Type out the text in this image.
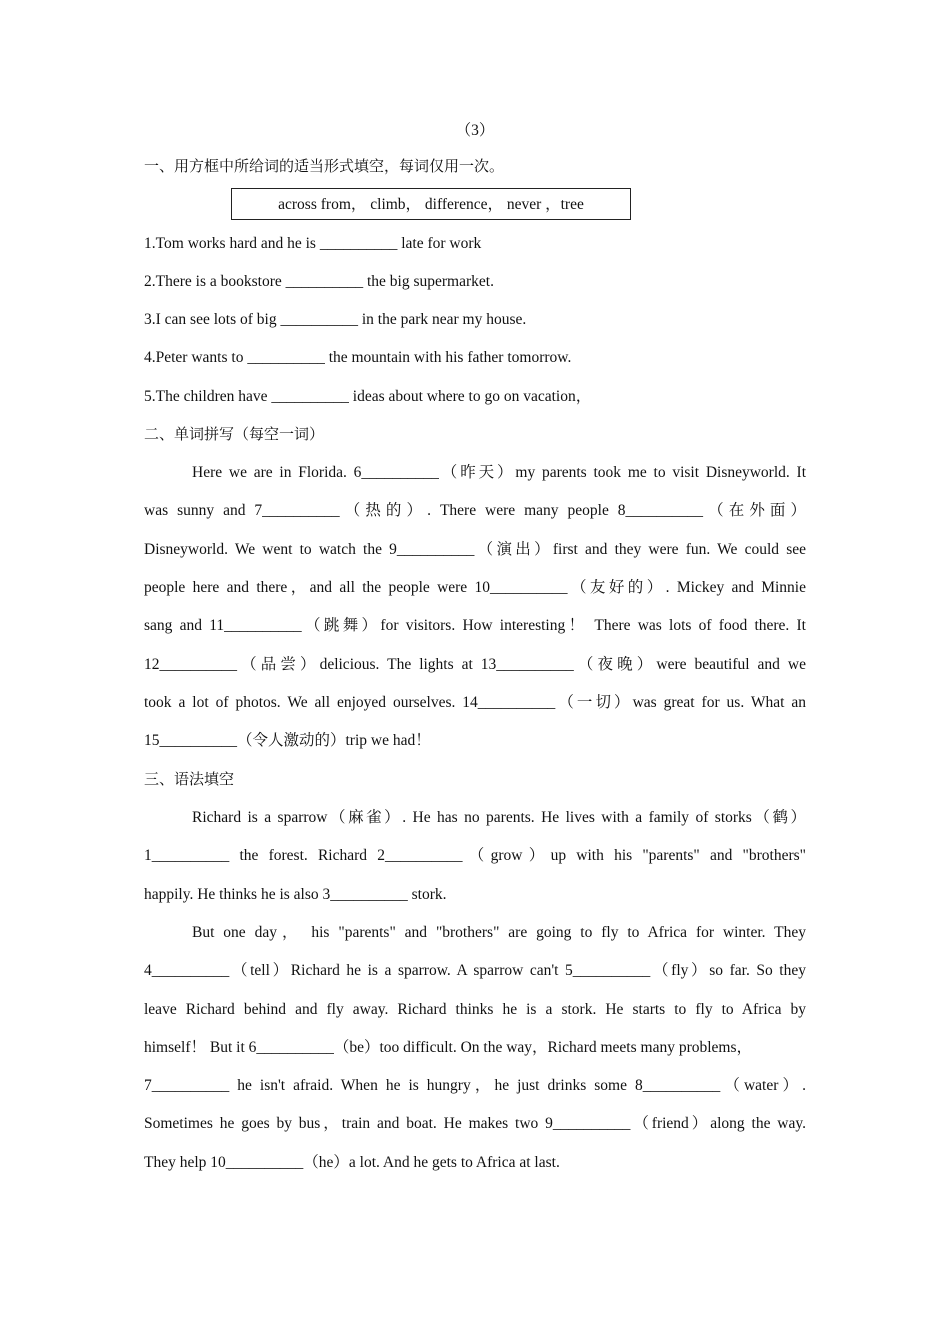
（3）
一、用方框中所给词的适当形式填空，每词仅用一次。
across from， climb， difference， never ，tree
1.Tom works hard and he is __________ late for work
2.There is a bookstore __________ the big supermarket.
3.I can see lots of big __________ in the park near my house.
4.Peter wants to __________ the mountain with his father tomorrow.
5.The children have __________ ideas about where to go on vacation，
二、单词拼写（每空一词）
Here we are in Florida. 6__________（昨天）my parents took me to visit Disneyworld. It
was sunny and 7__________（热的）. There were many people 8__________（在外面）
Disneyworld. We went to watch the 9__________（演出）first and they were fun. We could see
people here and there，and all the people were 10__________（友好的）. Mickey and Minnie
sang and 11__________（跳舞）for visitors. How interesting！ There was lots of food there. It
12__________（品尝）delicious. The lights at 13__________（夜晚）were beautiful and we
took a lot of photos. We all enjoyed ourselves. 14__________（一切）was great for us. What an
15__________（令人激动的）trip we had！
三、语法填空
Richard is a sparrow（麻雀）. He has no parents. He lives with a family of storks（鹤）
1__________ the forest. Richard 2__________（grow）up with his "parents" and "brothers"
happily. He thinks he is also 3__________ stork.
But one day， his "parents" and "brothers" are going to fly to Africa for winter. They
4__________（tell）Richard he is a sparrow. A sparrow can't 5__________（fly）so far. So they
leave Richard behind and fly away. Richard thinks he is a stork. He starts to fly to Africa by
himself！ But it 6__________（be）too difficult. On the way，Richard meets many problems，
7__________ he isn't afraid. When he is hungry，he just drinks some 8__________（water）.
Sometimes he goes by bus，train and boat. He makes two 9__________（friend）along the way.
They help 10__________（he）a lot. And he gets to Africa at last.
